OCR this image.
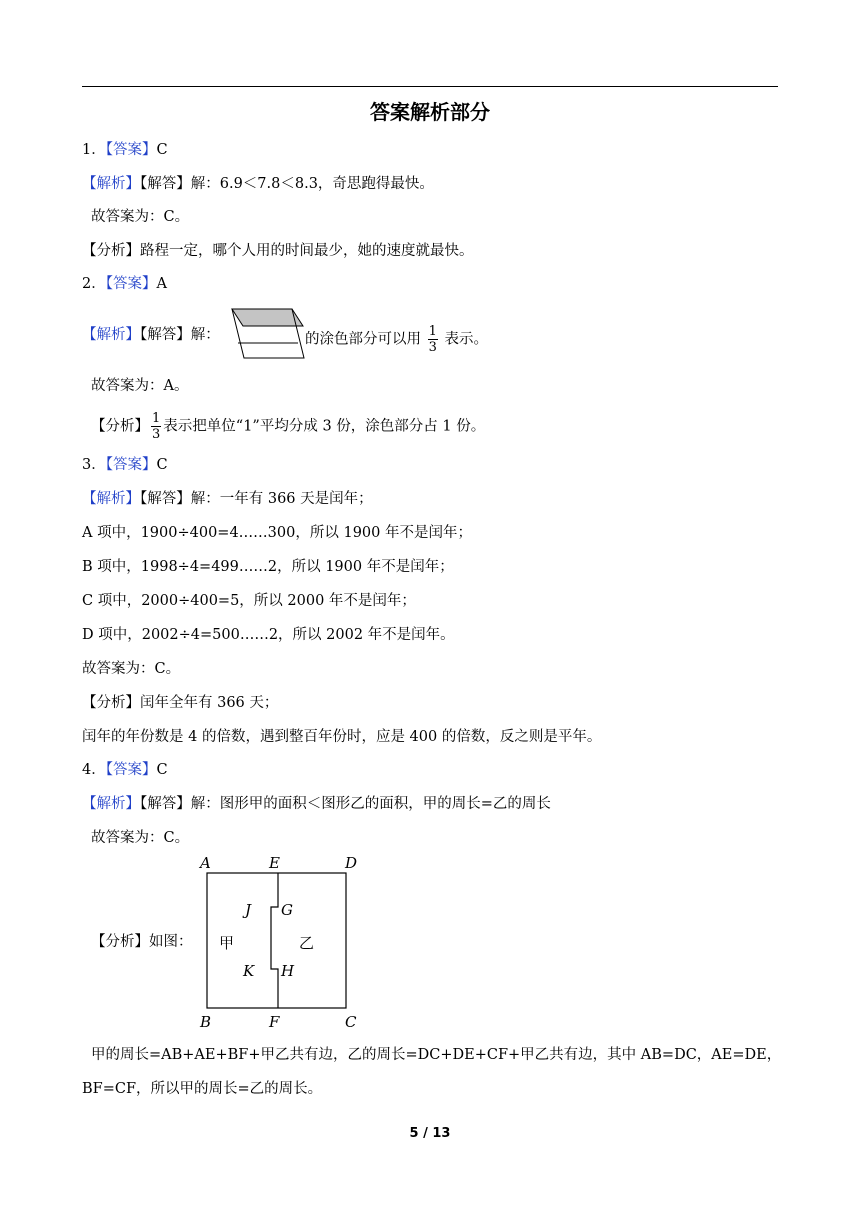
答案解析部分
1．【答案】C
【解析】【解答】解：6.9＜7.8＜8.3，奇思跑得最快。
故答案为：C。
【分析】路程一定，哪个人用的时间最少，她的速度就最快。
2．【答案】A
【解析】【解答】解：	的涂色部分可以用 $\frac{1}{3}$ 表示。
故答案为：A。
【分析】 $\frac{1}{3}$ 表示把单位“1”平均分成 3 份，涂色部分占 1 份。
3．【答案】C
【解析】【解答】解：一年有 366 天是闰年；
A 项中，1900÷400=4……300，所以 1900 年不是闰年；
B 项中，1998÷4=499……2，所以 1900 年不是闰年；
C 项中，2000÷400=5，所以 2000 年不是闰年；
D 项中，2002÷4=500……2，所以 2002 年不是闰年。
故答案为：C。
【分析】闰年全年有 366 天；
闰年的年份数是 4 的倍数，遇到整百年份时，应是 400 的倍数，反之则是平年。
4．【答案】C
【解析】【解答】解：图形甲的面积＜图形乙的面积，甲的周长=乙的周长
故答案为：C。
【分析】如图：
A	E	D
J G
K H
B	F	C
甲	乙
甲的周长=AB+AE+BF+甲乙共有边，乙的周长=DC+DE+CF+甲乙共有边，其中 AB=DC，AE=DE，
BF=CF，所以甲的周长=乙的周长。
5 / 13
